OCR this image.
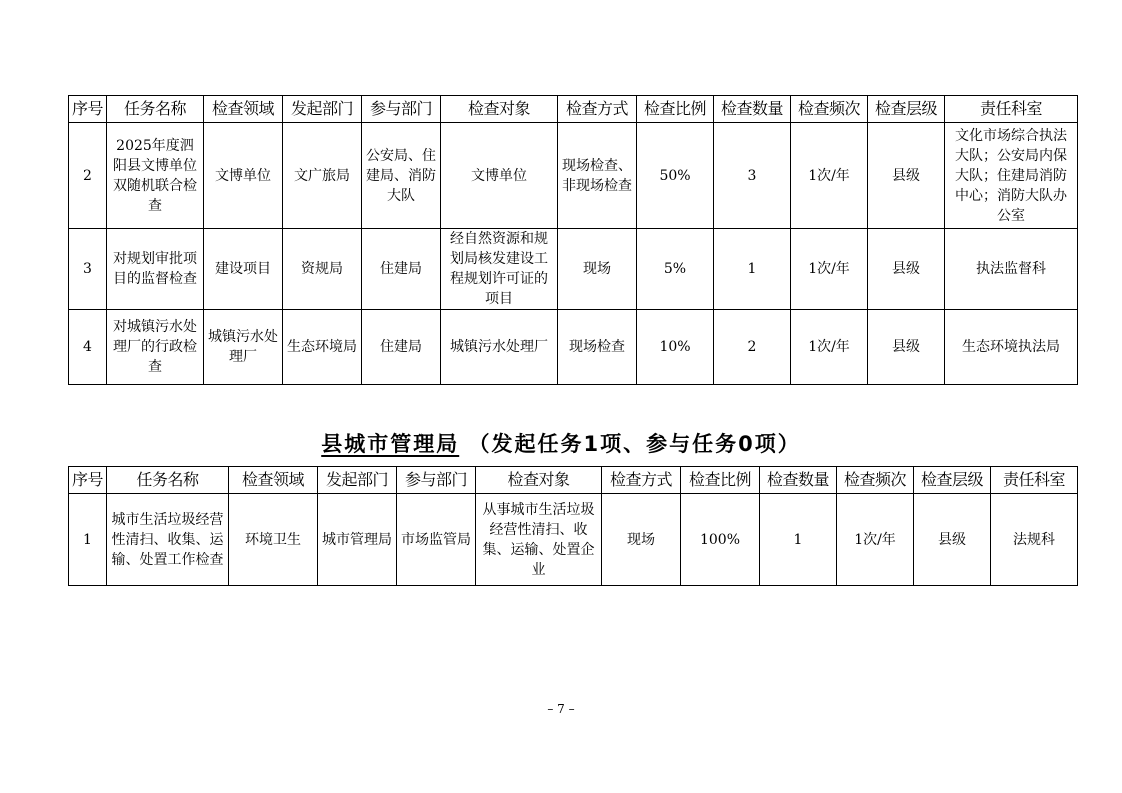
序号	任务名称	检查领域	发起部门	参与部门	检查对象	检查方式	检查比例	检查数量	检查频次	检查层级	责任科室
2	2025年度泗阳县文博单位双随机联合检查	文博单位	文广旅局	公安局、住建局、消防大队	文博单位	现场检查、非现场检查	50%	3	1次/年	县级	文化市场综合执法大队；公安局内保大队；住建局消防中心；消防大队办公室
3	对规划审批项目的监督检查	建设项目	资规局	住建局	经自然资源和规划局核发建设工程规划许可证的项目	现场	5%	1	1次/年	县级	执法监督科
4	对城镇污水处理厂的行政检查	城镇污水处理厂	生态环境局	住建局	城镇污水处理厂	现场检查	10%	2	1次/年	县级	生态环境执法局
县城市管理局 （发起任务1项、参与任务0项）
序号	任务名称	检查领域	发起部门	参与部门	检查对象	检查方式	检查比例	检查数量	检查频次	检查层级	责任科室
1	城市生活垃圾经营性清扫、收集、运输、处置工作检查	环境卫生	城市管理局	市场监管局	从事城市生活垃圾经营性清扫、收集、运输、处置企业	现场	100%	1	1次/年	县级	法规科
– 7 –
